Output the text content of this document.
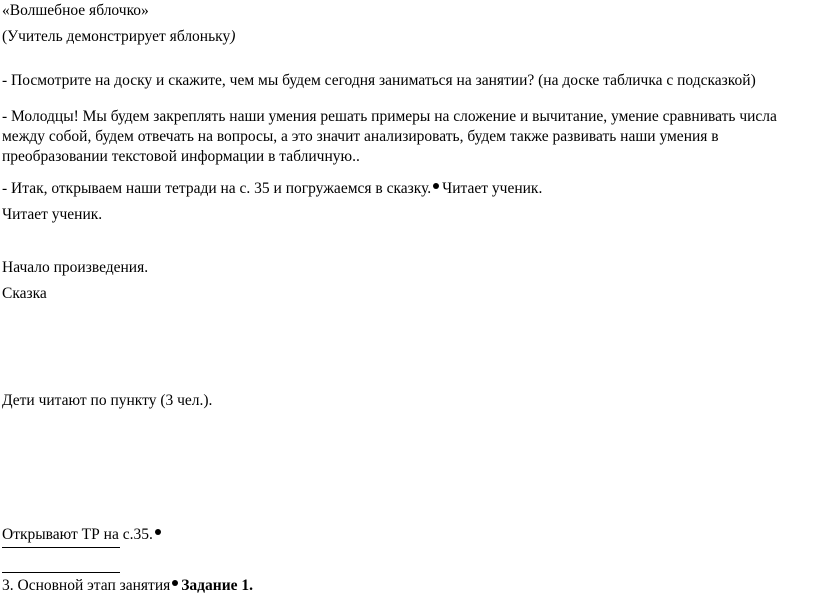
«Волшебное яблочко»
(Учитель демонстрирует яблоньку)
- Посмотрите на доску и скажите, чем мы будем сегодня заниматься на занятии? (на доске табличка с подсказкой)
- Молодцы! Мы будем закреплять наши умения решать примеры на сложение и вычитание, умение сравнивать числа между собой, будем отвечать на вопросы, а это значит анализировать, будем также развивать наши умения в преобразовании текстовой информации в табличную..
- Итак, открываем наши тетради на с. 35 и погружаемся в сказку. Читает ученик.
Читает ученик.
Начало произведения.
Сказка
Дети читают по пункту (3 чел.).
Открывают ТР на с.35.
3. Основной этап занятия Задание 1.
